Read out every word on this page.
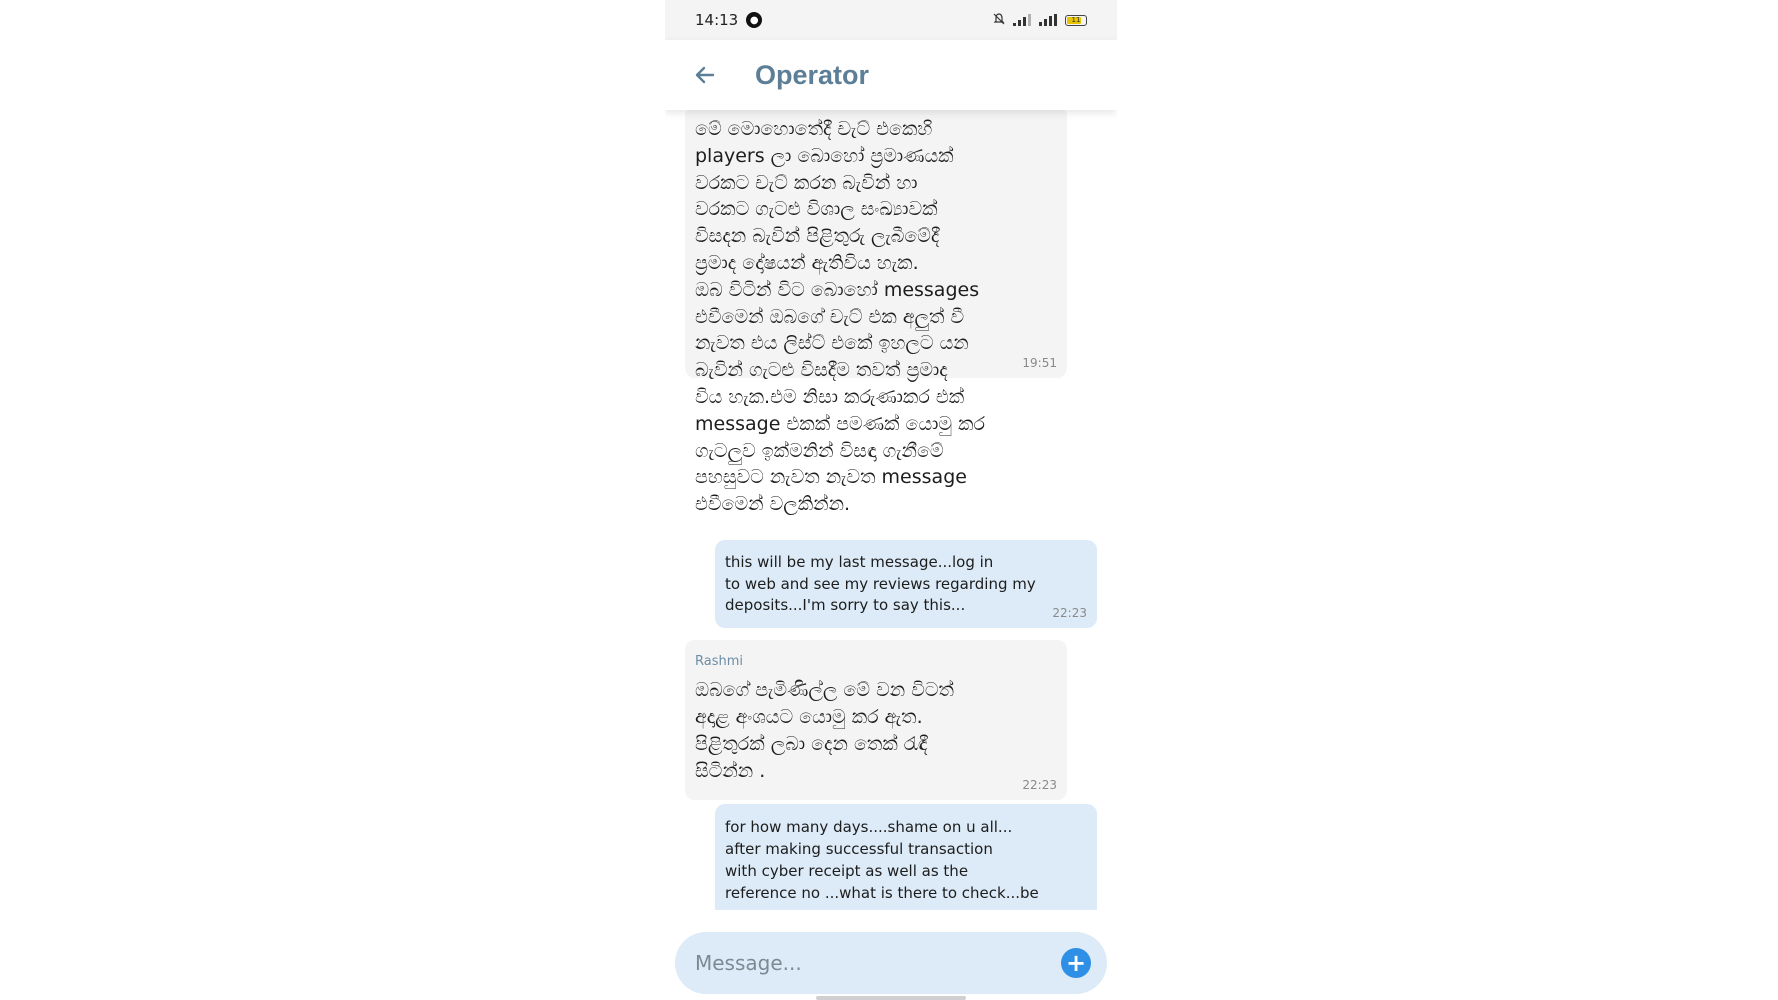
14:13	●	11
Operator
මේ මොහොතේදී චැට් එකෙහි
players ලා බොහෝ ප්‍රමාණයක්
වරකට චැට් කරන බැවින් හා
වරකට ගැටළු විශාල සංඛ්‍යාවක්
විසදන බැවින් පිළිතුරු ලැබීමේදී
ප්‍රමාද දෝෂයන් ඇතිවිය හැක.
ඔබ විටින් විට බොහෝ messages
එවීමෙන් ඔබගේ චැට් එක අලුත් වී
නැවත එය ලිස්ට් එකේ ඉහලට යන
බැවින් ගැටළු විසදීම තවත් ප්‍රමාද
විය හැක.එම නිසා කරුණාකර එක්
message එකක් පමණක් යොමු කර
ගැටලුව ඉක්මනින් විසඳා ගැනීමේ
පහසුවට නැවත නැවත message
එවීමෙන් වලකින්න.
19:51
this will be my last message...log in
to web and see my reviews regarding my
deposits...I'm sorry to say this...	22:23
Rashmi
ඔබගේ පැමිණිල්ල මේ වන විටත්
අදාළ අංශයට යොමු කර ඇත.
පිළිතුරක් ලබා දෙන තෙක් රැඳී
සිටින්න .
22:23
for how many days....shame on u all...
after making successful transaction
with cyber receipt as well as the
reference no ...what is there to check...be
Message...
+
